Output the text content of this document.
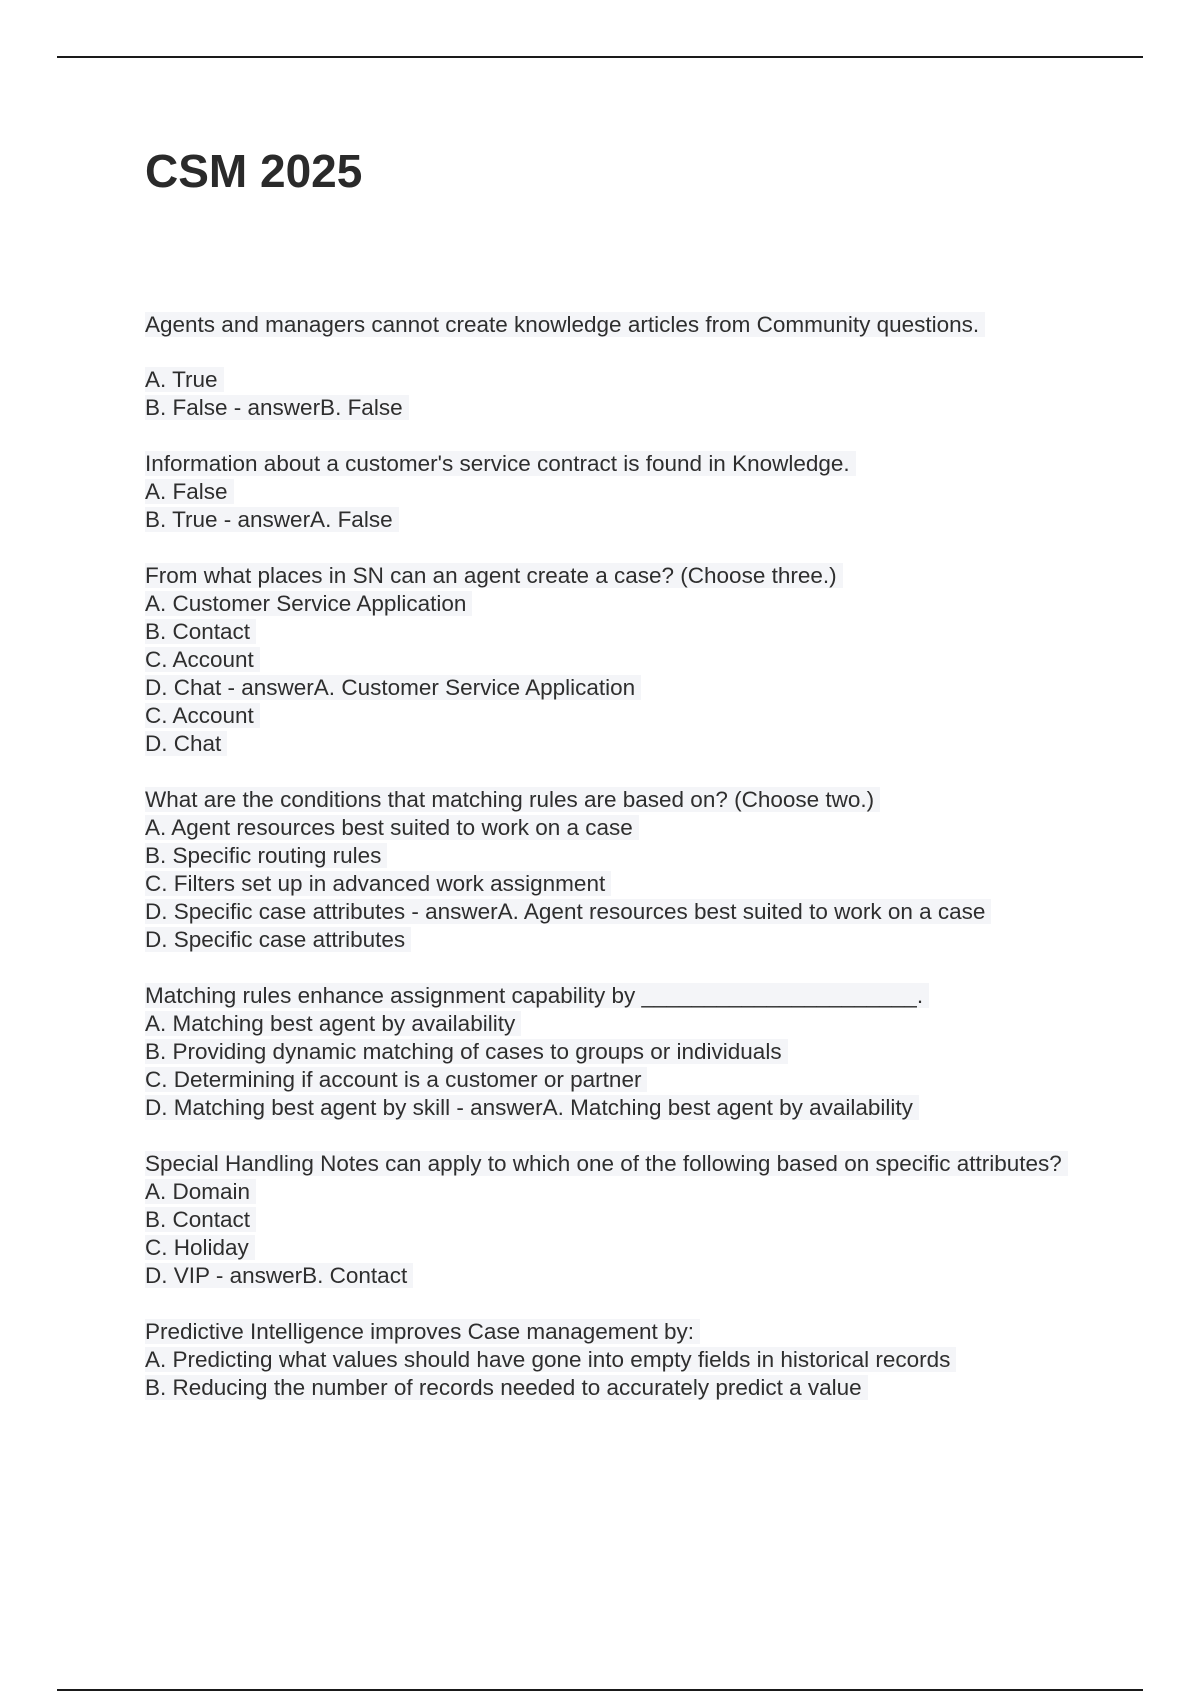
CSM 2025
Agents and managers cannot create knowledge articles from Community questions.
A. True
B. False - answerB. False
Information about a customer's service contract is found in Knowledge.
A. False
B. True - answerA. False
From what places in SN can an agent create a case? (Choose three.)
A. Customer Service Application
B. Contact
C. Account
D. Chat - answerA. Customer Service Application
C. Account
D. Chat
What are the conditions that matching rules are based on? (Choose two.)
A. Agent resources best suited to work on a case
B. Specific routing rules
C. Filters set up in advanced work assignment
D. Specific case attributes - answerA. Agent resources best suited to work on a case
D. Specific case attributes
Matching rules enhance assignment capability by ______________________.
A. Matching best agent by availability
B. Providing dynamic matching of cases to groups or individuals
C. Determining if account is a customer or partner
D. Matching best agent by skill - answerA. Matching best agent by availability
Special Handling Notes can apply to which one of the following based on specific attributes?
A. Domain
B. Contact
C. Holiday
D. VIP - answerB. Contact
Predictive Intelligence improves Case management by:
A. Predicting what values should have gone into empty fields in historical records
B. Reducing the number of records needed to accurately predict a value
